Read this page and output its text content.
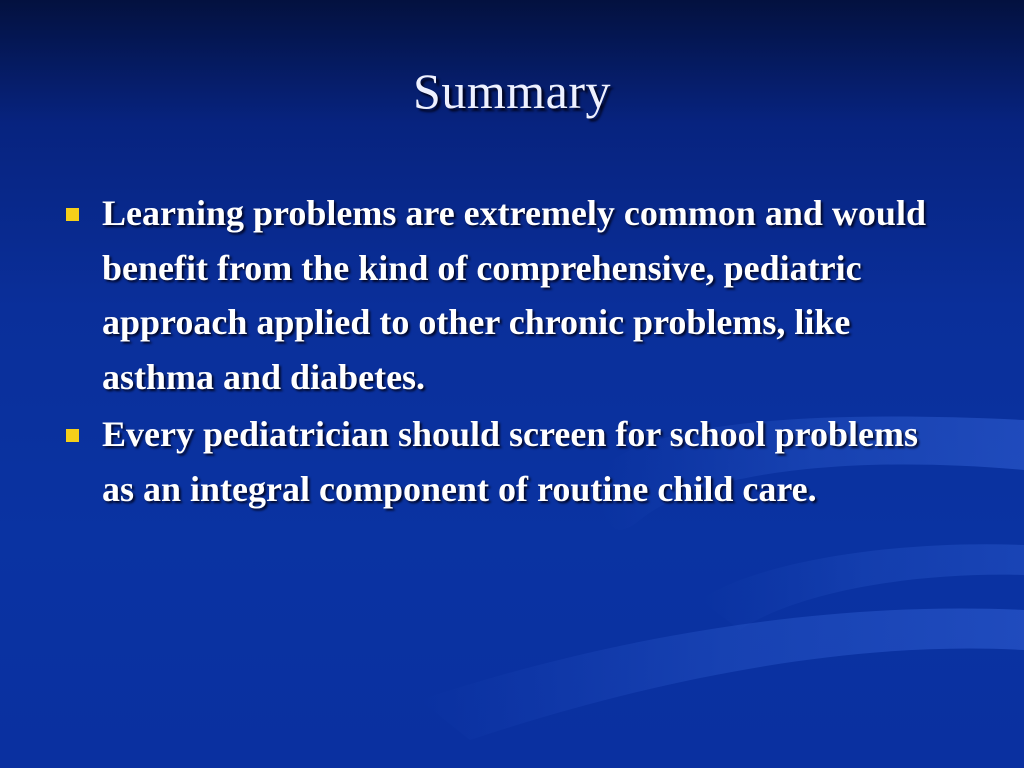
Summary
Learning problems are extremely common and would benefit from the kind of comprehensive, pediatric approach applied to other chronic problems, like asthma and diabetes.
Every pediatrician should screen for school problems as an integral component of routine child care.
